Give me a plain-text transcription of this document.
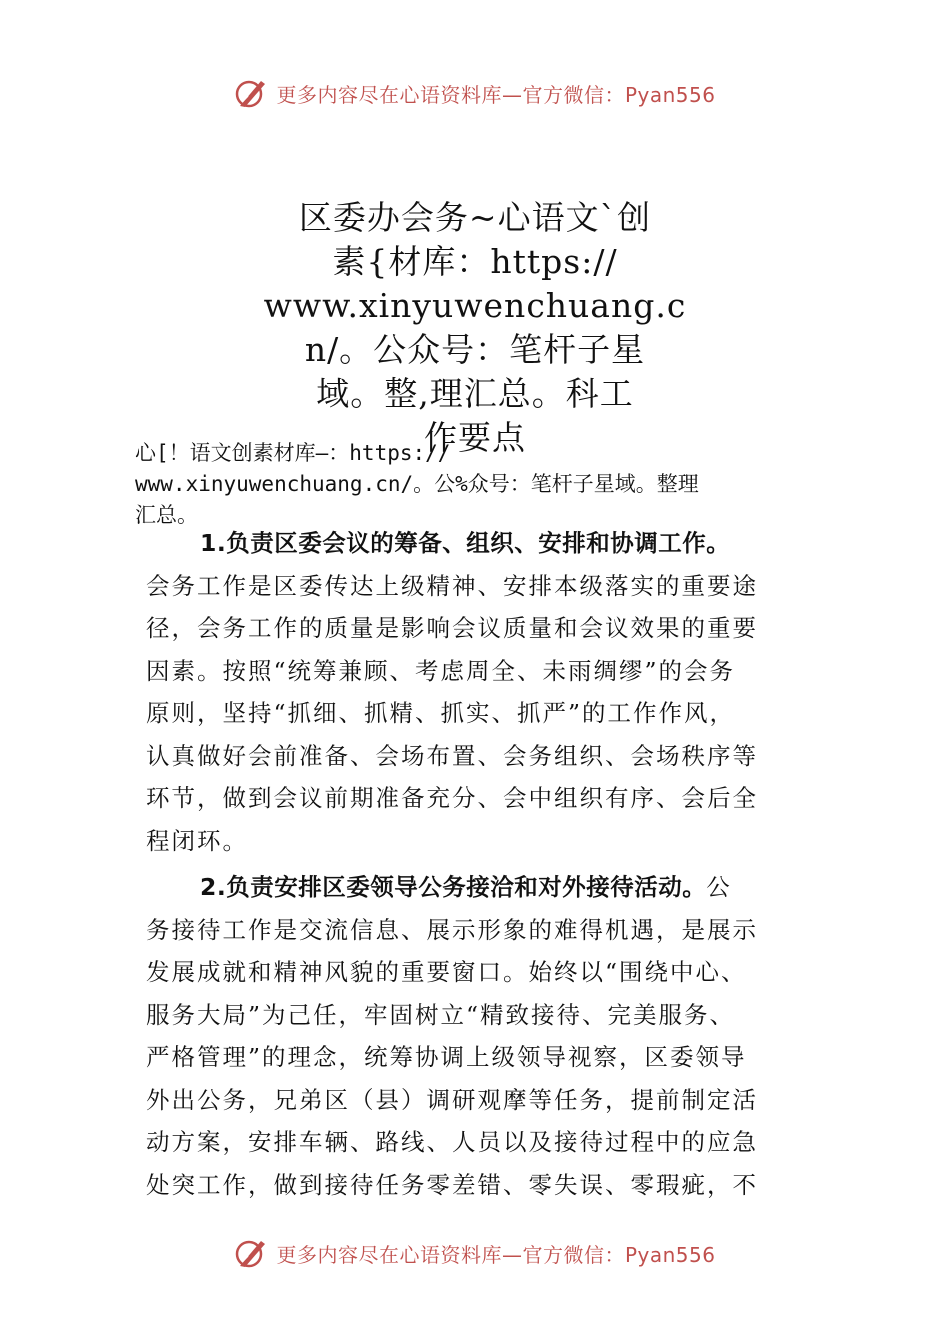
更多内容尽在心语资料库—官方微信：Pyan556
区委办会务~心语文`创
素{材库：https://
www.xinyuwenchuang.c
n/。公众号：笔杆子星
域。整,理汇总。科工
作要点
心[！语文创素材库—：https://
www.xinyuwenchuang.cn/。公%众号：笔杆子星域。整理
汇总。
1.负责区委会议的筹备、组织、安排和协调工作。
会务工作是区委传达上级精神、安排本级落实的重要途
径，会务工作的质量是影响会议质量和会议效果的重要
因素。按照“统筹兼顾、考虑周全、未雨绸缪”的会务
原则，坚持“抓细、抓精、抓实、抓严”的工作作风，
认真做好会前准备、会场布置、会务组织、会场秩序等
环节，做到会议前期准备充分、会中组织有序、会后全
程闭环。
2.负责安排区委领导公务接洽和对外接待活动。公
务接待工作是交流信息、展示形象的难得机遇，是展示
发展成就和精神风貌的重要窗口。始终以“围绕中心、
服务大局”为己任，牢固树立“精致接待、完美服务、
严格管理”的理念，统筹协调上级领导视察，区委领导
外出公务，兄弟区（县）调研观摩等任务，提前制定活
动方案，安排车辆、路线、人员以及接待过程中的应急
处突工作，做到接待任务零差错、零失误、零瑕疵，不
更多内容尽在心语资料库—官方微信：Pyan556
